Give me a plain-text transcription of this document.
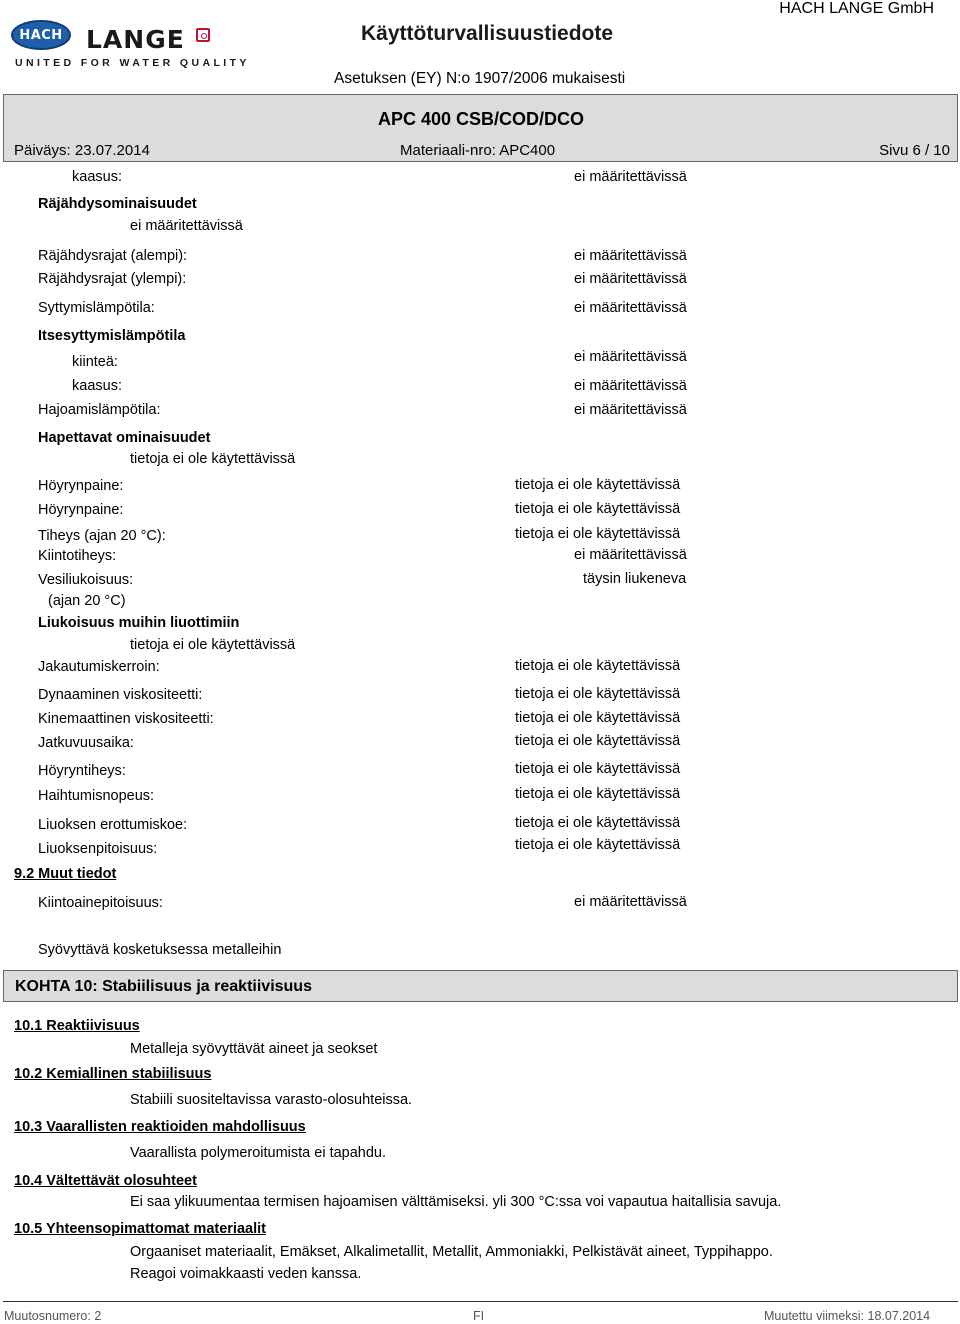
HACH LANGE
UNITED FOR WATER QUALITY
Käyttöturvallisuustiedote
HACH LANGE GmbH
Asetuksen (EY) N:o 1907/2006 mukaisesti
APC 400 CSB/COD/DCO
Päiväys: 23.07.2014	Materiaali-nro: APC400	Sivu 6 / 10
kaasus:	ei määritettävissä
Räjähdysominaisuudet
ei määritettävissä
Räjähdysrajat (alempi):	ei määritettävissä
Räjähdysrajat (ylempi):	ei määritettävissä
Syttymislämpötila:	ei määritettävissä
Itsesyttymislämpötila
kiinteä:	ei määritettävissä
kaasus:	ei määritettävissä
Hajoamislämpötila:	ei määritettävissä
Hapettavat ominaisuudet
tietoja ei ole käytettävissä
Höyrynpaine:	tietoja ei ole käytettävissä
Höyrynpaine:	tietoja ei ole käytettävissä
Tiheys (ajan 20 °C):	tietoja ei ole käytettävissä
Kiintotiheys:	ei määritettävissä
Vesiliukoisuus:	täysin liukeneva
(ajan 20 °C)
Liukoisuus muihin liuottimiin
tietoja ei ole käytettävissä
Jakautumiskerroin:	tietoja ei ole käytettävissä
Dynaaminen viskositeetti:	tietoja ei ole käytettävissä
Kinemaattinen viskositeetti:	tietoja ei ole käytettävissä
Jatkuvuusaika:	tietoja ei ole käytettävissä
Höyryntiheys:	tietoja ei ole käytettävissä
Haihtumisnopeus:	tietoja ei ole käytettävissä
Liuoksen erottumiskoe:	tietoja ei ole käytettävissä
Liuoksenpitoisuus:	tietoja ei ole käytettävissä
9.2 Muut tiedot
Kiintoainepitoisuus:	ei määritettävissä
Syövyttävä kosketuksessa metalleihin
KOHTA 10: Stabiilisuus ja reaktiivisuus
10.1 Reaktiivisuus
Metalleja syövyttävät aineet ja seokset
10.2 Kemiallinen stabiilisuus
Stabiili suositeltavissa varasto-olosuhteissa.
10.3 Vaarallisten reaktioiden mahdollisuus
Vaarallista polymeroitumista ei tapahdu.
10.4 Vältettävät olosuhteet
Ei saa ylikuumentaa termisen hajoamisen välttämiseksi. yli 300 °C:ssa voi vapautua haitallisia savuja.
10.5 Yhteensopimattomat materiaalit
Orgaaniset materiaalit, Emäkset, Alkalimetallit, Metallit, Ammoniakki, Pelkistävät aineet, Typpihappo.
Reagoi voimakkaasti veden kanssa.
Muutosnumero: 2	FI	Muutettu viimeksi: 18.07.2014
